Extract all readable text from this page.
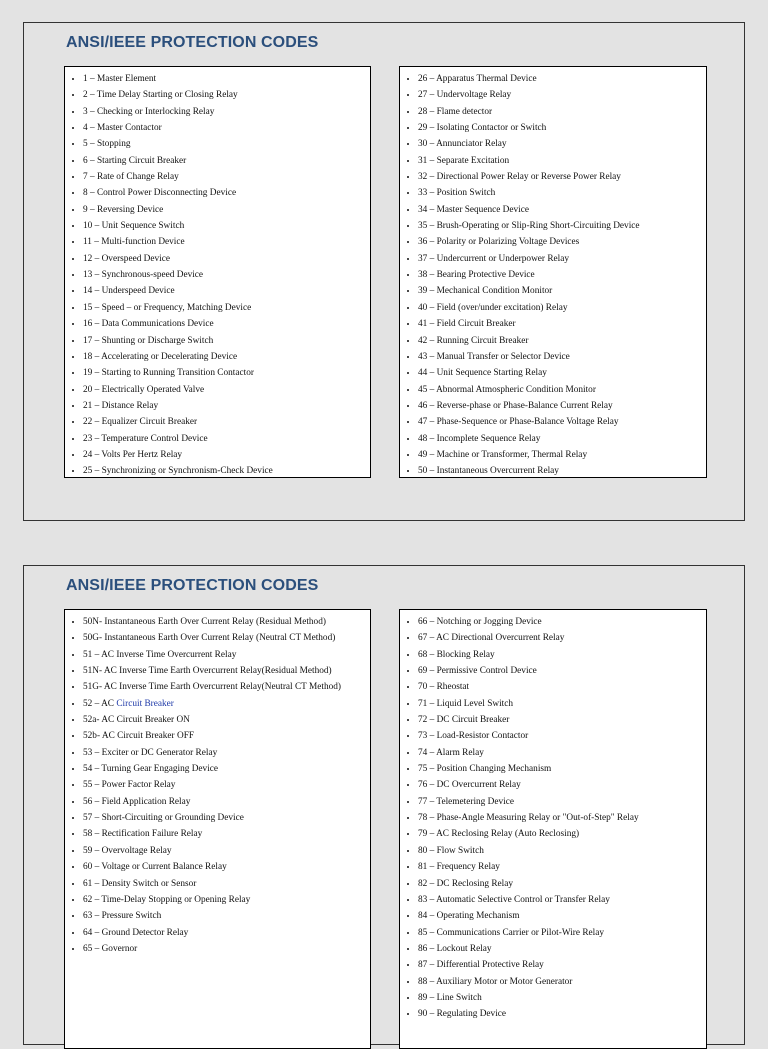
ANSI/IEEE PROTECTION CODES
• 1 – Master Element
• 2 – Time Delay Starting or Closing Relay
• 3 – Checking or Interlocking Relay
• 4 – Master Contactor
• 5 – Stopping
• 6 – Starting Circuit Breaker
• 7 – Rate of Change Relay
• 8 – Control Power Disconnecting Device
• 9 – Reversing Device
• 10 – Unit Sequence Switch
• 11 – Multi-function Device
• 12 – Overspeed Device
• 13 – Synchronous-speed Device
• 14 – Underspeed Device
• 15 – Speed – or Frequency, Matching Device
• 16 – Data Communications Device
• 17 – Shunting or Discharge Switch
• 18 – Accelerating or Decelerating Device
• 19 – Starting to Running Transition Contactor
• 20 – Electrically Operated Valve
• 21 – Distance Relay
• 22 – Equalizer Circuit Breaker
• 23 – Temperature Control Device
• 24 – Volts Per Hertz Relay
• 25 – Synchronizing or Synchronism-Check Device
• 26 – Apparatus Thermal Device
• 27 – Undervoltage Relay
• 28 – Flame detector
• 29 – Isolating Contactor or Switch
• 30 – Annunciator Relay
• 31 – Separate Excitation
• 32 – Directional Power Relay or Reverse Power Relay
• 33 – Position Switch
• 34 – Master Sequence Device
• 35 – Brush-Operating or Slip-Ring Short-Circuiting Device
• 36 – Polarity or Polarizing Voltage Devices
• 37 – Undercurrent or Underpower Relay
• 38 – Bearing Protective Device
• 39 – Mechanical Condition Monitor
• 40 – Field (over/under excitation) Relay
• 41 – Field Circuit Breaker
• 42 – Running Circuit Breaker
• 43 – Manual Transfer or Selector Device
• 44 – Unit Sequence Starting Relay
• 45 – Abnormal Atmospheric Condition Monitor
• 46 – Reverse-phase or Phase-Balance Current Relay
• 47 – Phase-Sequence or Phase-Balance Voltage Relay
• 48 – Incomplete Sequence Relay
• 49 – Machine or Transformer, Thermal Relay
• 50 – Instantaneous Overcurrent Relay
ANSI/IEEE PROTECTION CODES
• 50N- Instantaneous Earth Over Current Relay (Residual Method)
• 50G- Instantaneous Earth Over Current Relay (Neutral CT Method)
• 51 – AC Inverse Time Overcurrent Relay
• 51N- AC Inverse Time Earth Overcurrent Relay(Residual Method)
• 51G- AC Inverse Time Earth Overcurrent Relay(Neutral CT Method)
• 52 – AC Circuit Breaker
• 52a- AC Circuit Breaker ON
• 52b- AC Circuit Breaker OFF
• 53 – Exciter or DC Generator Relay
• 54 – Turning Gear Engaging Device
• 55 – Power Factor Relay
• 56 – Field Application Relay
• 57 – Short-Circuiting or Grounding Device
• 58 – Rectification Failure Relay
• 59 – Overvoltage Relay
• 60 – Voltage or Current Balance Relay
• 61 – Density Switch or Sensor
• 62 – Time-Delay Stopping or Opening Relay
• 63 – Pressure Switch
• 64 – Ground Detector Relay
• 65 – Governor
• 66 – Notching or Jogging Device
• 67 – AC Directional Overcurrent Relay
• 68 – Blocking Relay
• 69 – Permissive Control Device
• 70 – Rheostat
• 71 – Liquid Level Switch
• 72 – DC Circuit Breaker
• 73 – Load-Resistor Contactor
• 74 – Alarm Relay
• 75 – Position Changing Mechanism
• 76 – DC Overcurrent Relay
• 77 – Telemetering Device
• 78 – Phase-Angle Measuring Relay or "Out-of-Step" Relay
• 79 – AC Reclosing Relay (Auto Reclosing)
• 80 – Flow Switch
• 81 – Frequency Relay
• 82 – DC Reclosing Relay
• 83 – Automatic Selective Control or Transfer Relay
• 84 – Operating Mechanism
• 85 – Communications Carrier or Pilot-Wire Relay
• 86 – Lockout Relay
• 87 – Differential Protective Relay
• 88 – Auxiliary Motor or Motor Generator
• 89 – Line Switch
• 90 – Regulating Device
